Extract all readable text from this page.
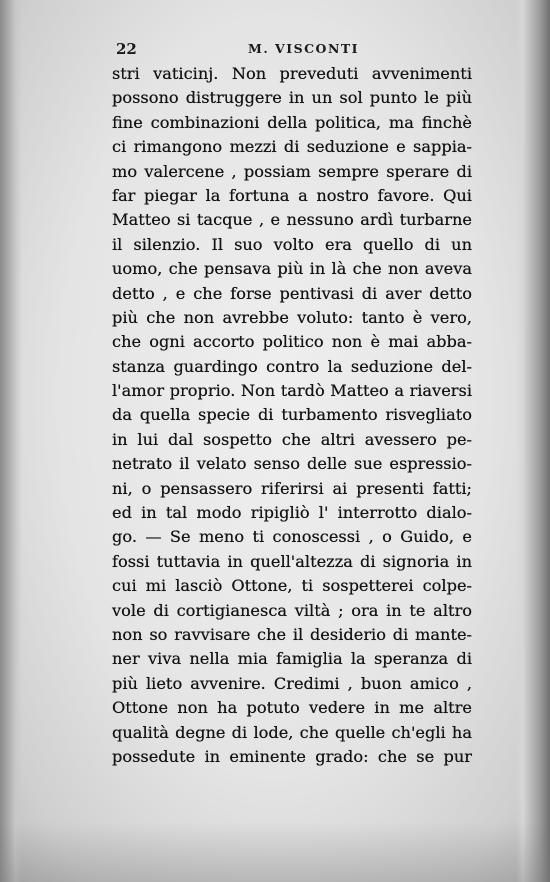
22	M. VISCONTI
stri vaticinj. Non preveduti avvenimenti
possono distruggere in un sol punto le più
fine combinazioni della politica, ma finchè
ci rimangono mezzi di seduzione e sappia-
mo valercene , possiam sempre sperare di
far piegar la fortuna a nostro favore. Qui
Matteo si tacque , e nessuno ardì turbarne
il silenzio. Il suo volto era quello di un
uomo, che pensava più in là che non aveva
detto , e che forse pentivasi di aver detto
più che non avrebbe voluto: tanto è vero,
che ogni accorto politico non è mai abba-
stanza guardingo contro la seduzione del-
l'amor proprio. Non tardò Matteo a riaversi
da quella specie di turbamento risvegliato
in lui dal sospetto che altri avessero pe-
netrato il velato senso delle sue espressio-
ni, o pensassero riferirsi ai presenti fatti;
ed in tal modo ripigliò l' interrotto dialo-
go. — Se meno ti conoscessi , o Guido, e
fossi tuttavia in quell'altezza di signoria in
cui mi lasciò Ottone, ti sospetterei colpe-
vole di cortigianesca viltà ; ora in te altro
non so ravvisare che il desiderio di mante-
ner viva nella mia famiglia la speranza di
più lieto avvenire. Credimi , buon amico ,
Ottone non ha potuto vedere in me altre
qualità degne di lode, che quelle ch'egli ha
possedute in eminente grado: che se pur
